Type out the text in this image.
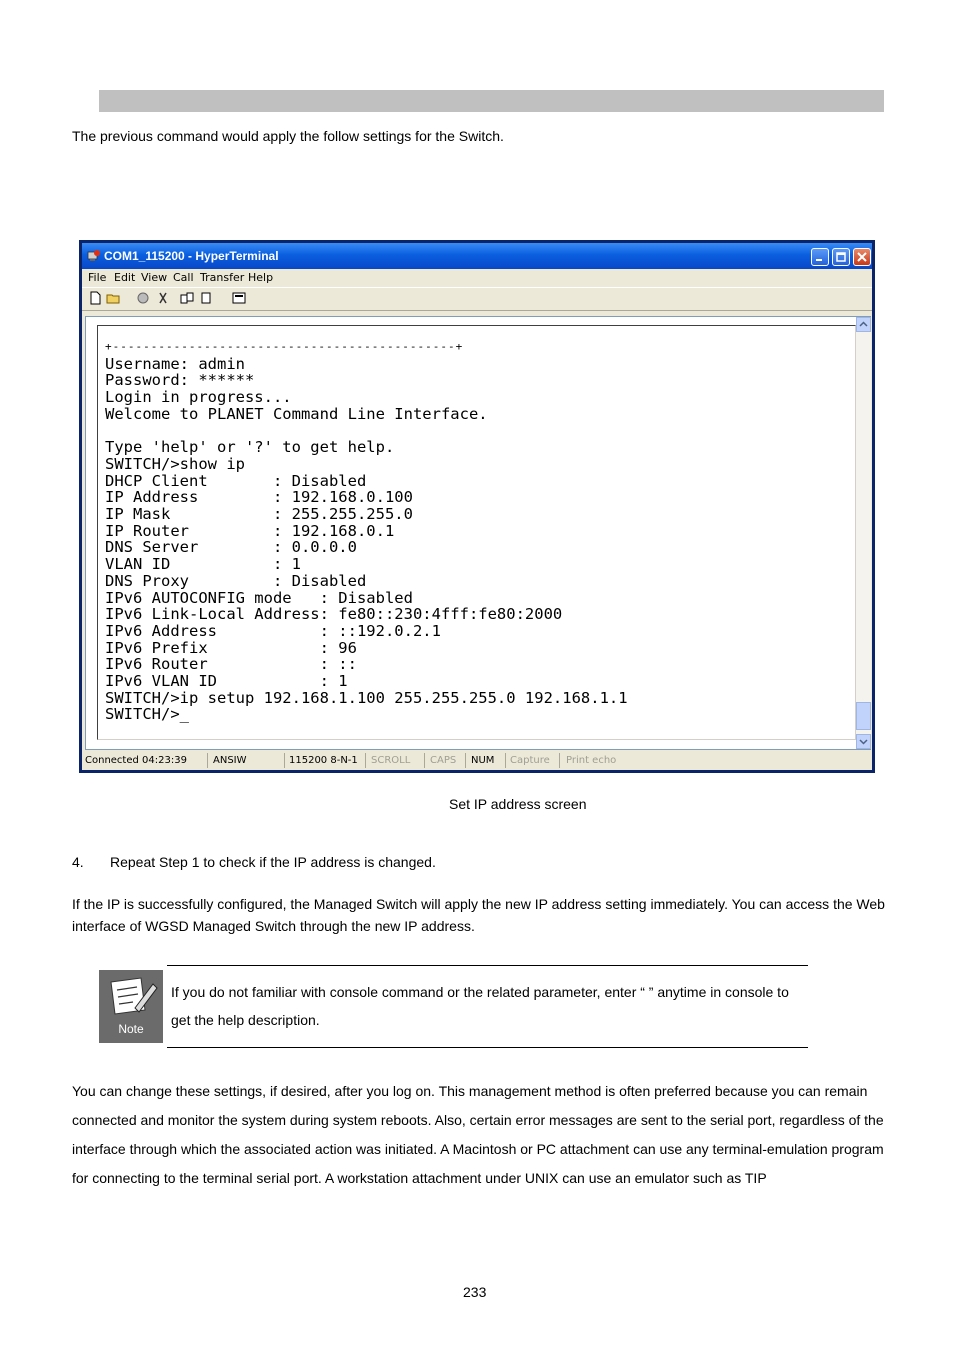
The previous command would apply the follow settings for the Switch.
COM1_115200 - HyperTerminal
File Edit View Call Transfer Help
+---------------------------------------------+
Username: admin
Password: ******
Login in progress...
Welcome to PLANET Command Line Interface.

Type 'help' or '?' to get help.
SWITCH/>show ip
DHCP Client       : Disabled
IP Address        : 192.168.0.100
IP Mask           : 255.255.255.0
IP Router         : 192.168.0.1
DNS Server        : 0.0.0.0
VLAN ID           : 1
DNS Proxy         : Disabled
IPv6 AUTOCONFIG mode   : Disabled
IPv6 Link-Local Address: fe80::230:4fff:fe80:2000
IPv6 Address           : ::192.0.2.1
IPv6 Prefix            : 96
IPv6 Router            : ::
IPv6 VLAN ID           : 1
SWITCH/>ip setup 192.168.1.100 255.255.255.0 192.168.1.1
SWITCH/>_
Connected 04:23:39	ANSIW	115200 8-N-1 SCROLL CAPS NUM Capture Print echo
Set IP address screen
4. Repeat Step 1 to check if the IP address is changed.
If the IP is successfully configured, the Managed Switch will apply the new IP address setting immediately. You can access the Web interface of WGSD Managed Switch through the new IP address.
Note
If you do not familiar with console command or the related parameter, enter “ ” anytime in console to get the help description.
You can change these settings, if desired, after you log on. This management method is often preferred because you can remain connected and monitor the system during system reboots. Also, certain error messages are sent to the serial port, regardless of the interface through which the associated action was initiated. A Macintosh or PC attachment can use any terminal-emulation program for connecting to the terminal serial port. A workstation attachment under UNIX can use an emulator such as TIP
233
